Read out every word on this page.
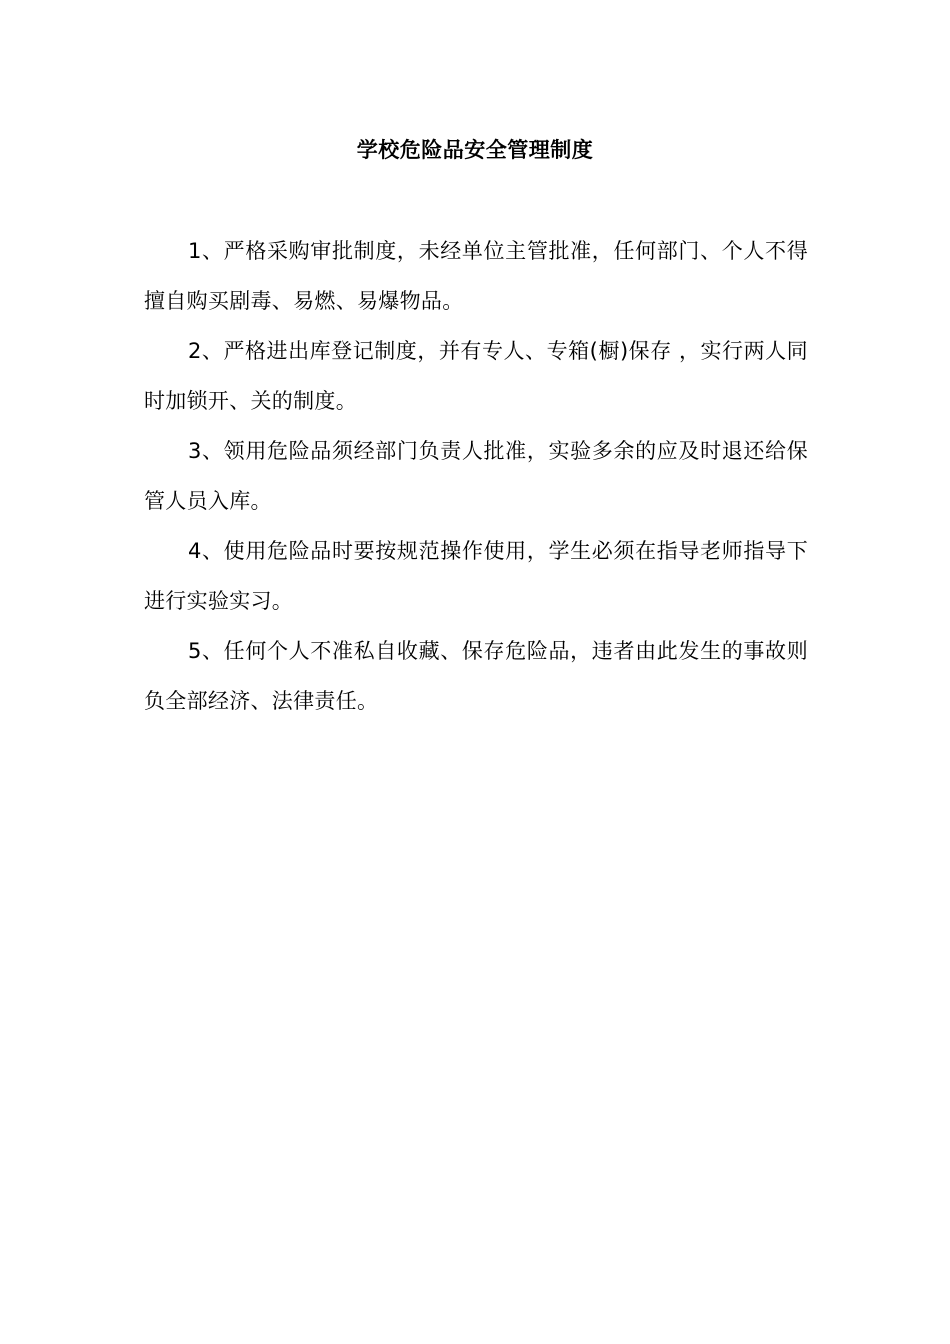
学校危险品安全管理制度

1、严格采购审批制度，未经单位主管批准，任何部门、个人不得擅自购买剧毒、易燃、易爆物品。

2、严格进出库登记制度，并有专人、专箱(橱)保存 ，实行两人同时加锁开、关的制度。

3、领用危险品须经部门负责人批准，实验多余的应及时退还给保管人员入库。

4、使用危险品时要按规范操作使用，学生必须在指导老师指导下进行实验实习。

5、任何个人不准私自收藏、保存危险品，违者由此发生的事故则负全部经济、法律责任。
